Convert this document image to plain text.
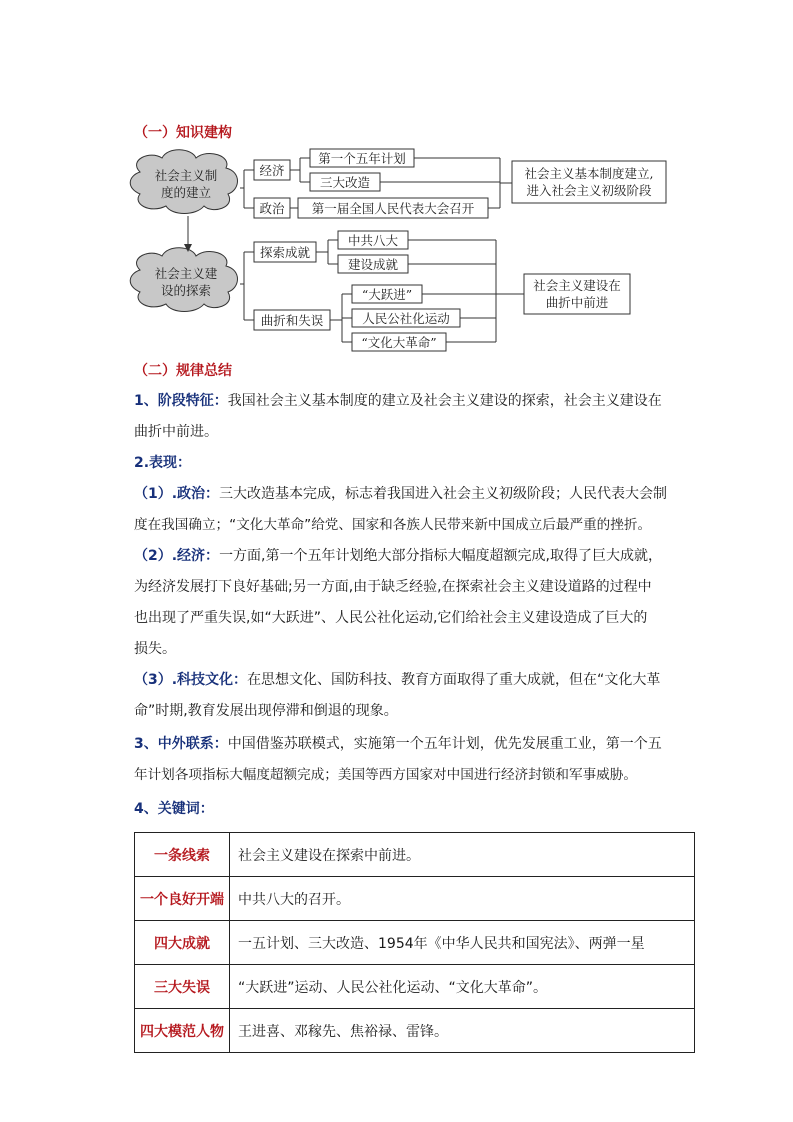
（一）知识建构
社会主义制
度的建立
社会主义建
设的探索
经济
政治
第一个五年计划
三大改造
第一届全国人民代表大会召开
社会主义基本制度建立,
进入社会主义初级阶段
探索成就
曲折和失误
中共八大
建设成就
“大跃进”
人民公社化运动
“文化大革命”
社会主义建设在
曲折中前进
（二）规律总结
1、阶段特征：我国社会主义基本制度的建立及社会主义建设的探索，社会主义建设在
曲折中前进。
2.表现：
（1）.政治：三大改造基本完成，标志着我国进入社会主义初级阶段；人民代表大会制
度在我国确立；“文化大革命”给党、国家和各族人民带来新中国成立后最严重的挫折。
（2）.经济：一方面,第一个五年计划绝大部分指标大幅度超额完成,取得了巨大成就，
为经济发展打下良好基础;另一方面,由于缺乏经验,在探索社会主义建设道路的过程中
也出现了严重失误,如“大跃进”、人民公社化运动,它们给社会主义建设造成了巨大的
损失。
（3）.科技文化：在思想文化、国防科技、教育方面取得了重大成就，但在“文化大革
命”时期,教育发展出现停滞和倒退的现象。
3、中外联系：中国借鉴苏联模式，实施第一个五年计划，优先发展重工业，第一个五
年计划各项指标大幅度超额完成；美国等西方国家对中国进行经济封锁和军事威胁。
4、关键词：
一条线索	社会主义建设在探索中前进。
一个良好开端	中共八大的召开。
四大成就	一五计划、三大改造、1954年《中华人民共和国宪法》、两弹一星
三大失误	“大跃进”运动、人民公社化运动、“文化大革命”。
四大模范人物	王进喜、邓稼先、焦裕禄、雷锋。
